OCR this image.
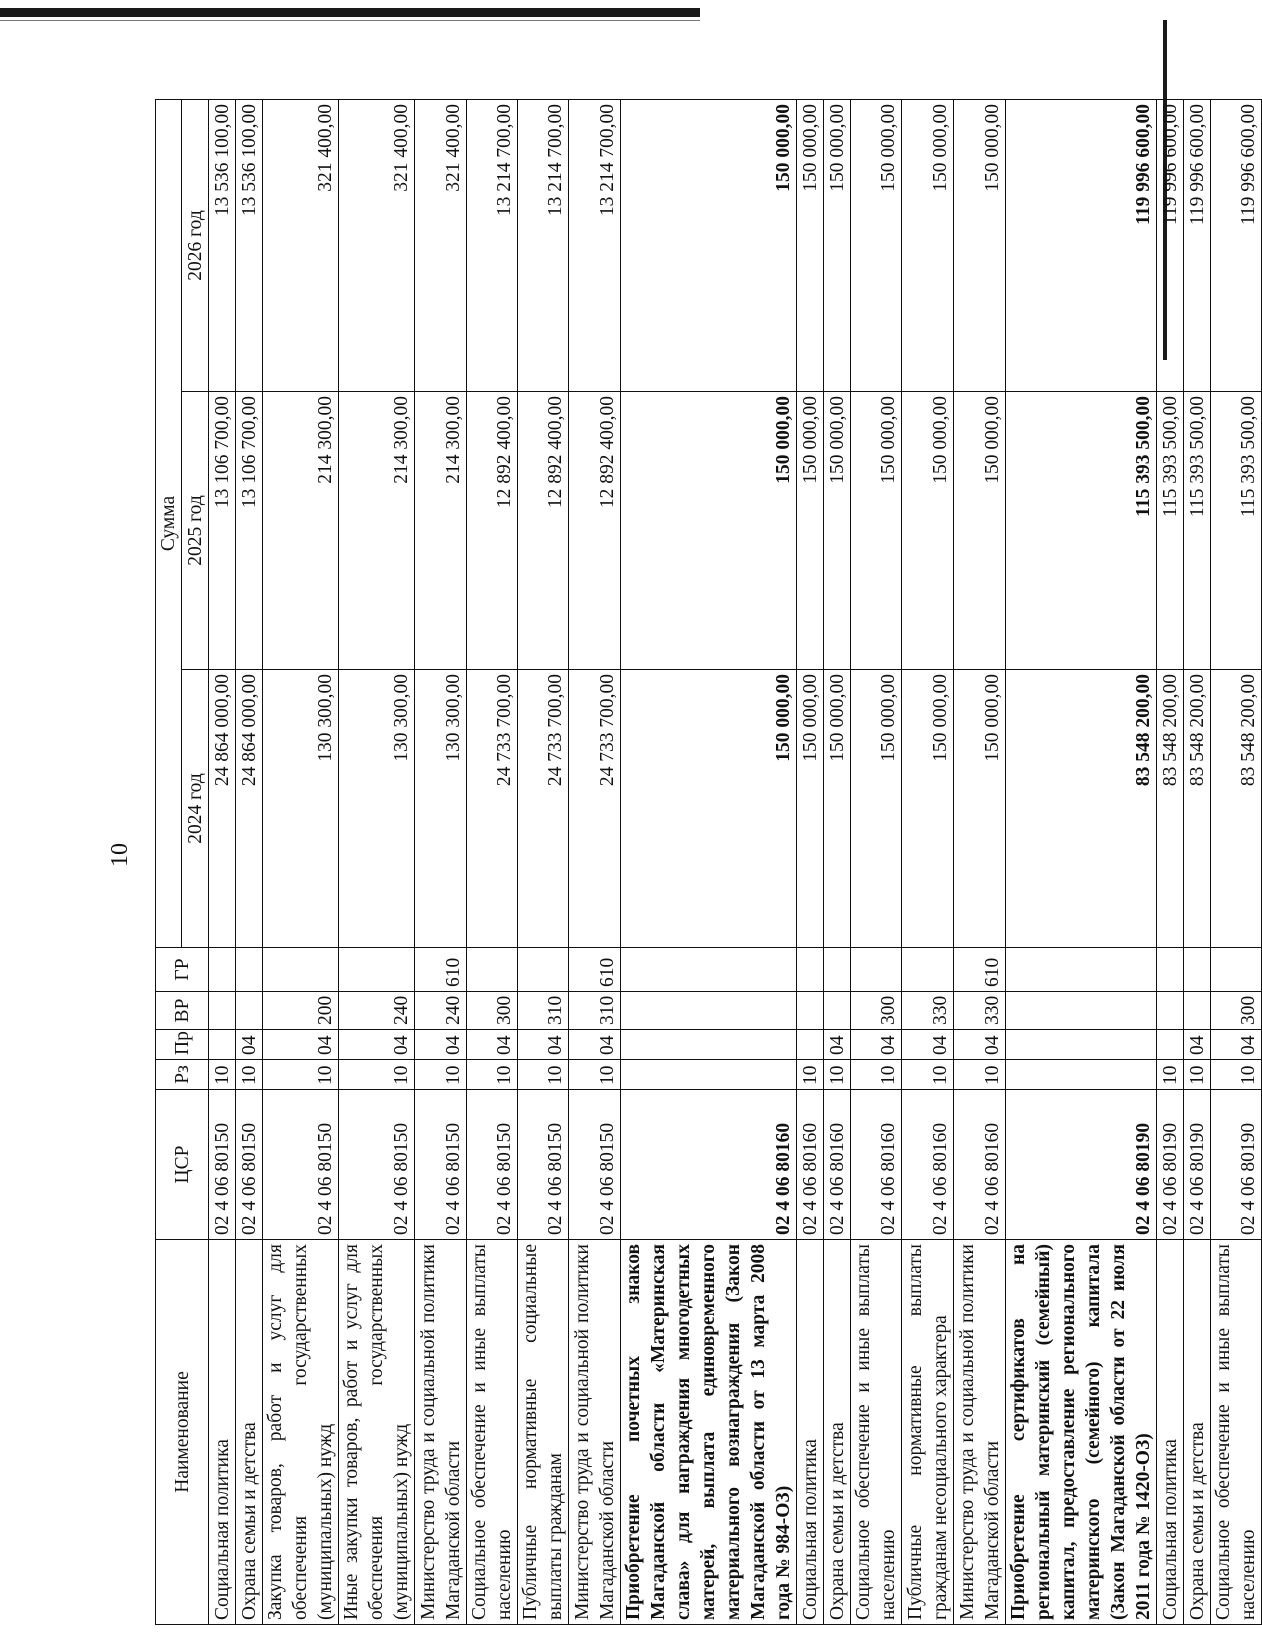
10
Наименование	ЦСР	Рз	Пр	ВР	ГР	Сумма		
						2024 год	2025 год	2026 год
Социальная политика	02 4 06 80150	10				24 864 000,00	13 106 700,00	13 536 100,00
Охрана семьи и детства	02 4 06 80150	10	04			24 864 000,00	13 106 700,00	13 536 100,00
Закупка товаров, работ и услуг для обеспечения государственных (муниципальных) нужд	02 4 06 80150	10	04	200		130 300,00	214 300,00	321 400,00
Иные закупки товаров, работ и услуг для обеспечения государственных (муниципальных) нужд	02 4 06 80150	10	04	240		130 300,00	214 300,00	321 400,00
Министерство труда и социальной политики Магаданской области	02 4 06 80150	10	04	240	610	130 300,00	214 300,00	321 400,00
Социальное обеспечение и иные выплаты населению	02 4 06 80150	10	04	300		24 733 700,00	12 892 400,00	13 214 700,00
Публичные нормативные социальные выплаты гражданам	02 4 06 80150	10	04	310		24 733 700,00	12 892 400,00	13 214 700,00
Министерство труда и социальной политики Магаданской области	02 4 06 80150	10	04	310	610	24 733 700,00	12 892 400,00	13 214 700,00
Приобретение почетных знаков Магаданской области «Материнская слава» для награждения многодетных матерей, выплата единовременного материального вознаграждения (Закон Магаданской области от 13 марта 2008 года № 984-ОЗ)	02 4 06 80160					150 000,00	150 000,00	150 000,00
Социальная политика	02 4 06 80160	10				150 000,00	150 000,00	150 000,00
Охрана семьи и детства	02 4 06 80160	10	04			150 000,00	150 000,00	150 000,00
Социальное обеспечение и иные выплаты населению	02 4 06 80160	10	04	300		150 000,00	150 000,00	150 000,00
Публичные нормативные выплаты гражданам несоциального характера	02 4 06 80160	10	04	330		150 000,00	150 000,00	150 000,00
Министерство труда и социальной политики Магаданской области	02 4 06 80160	10	04	330	610	150 000,00	150 000,00	150 000,00
Приобретение сертификатов на региональный материнский (семейный) капитал, предоставление регионального материнского (семейного) капитала (Закон Магаданской области от 22 июля 2011 года № 1420-ОЗ)	02 4 06 80190					83 548 200,00	115 393 500,00	119 996 600,00
Социальная политика	02 4 06 80190	10				83 548 200,00	115 393 500,00	119 996 600,00
Охрана семьи и детства	02 4 06 80190	10	04			83 548 200,00	115 393 500,00	119 996 600,00
Социальное обеспечение и иные выплаты населению	02 4 06 80190	10	04	300		83 548 200,00	115 393 500,00	119 996 600,00
